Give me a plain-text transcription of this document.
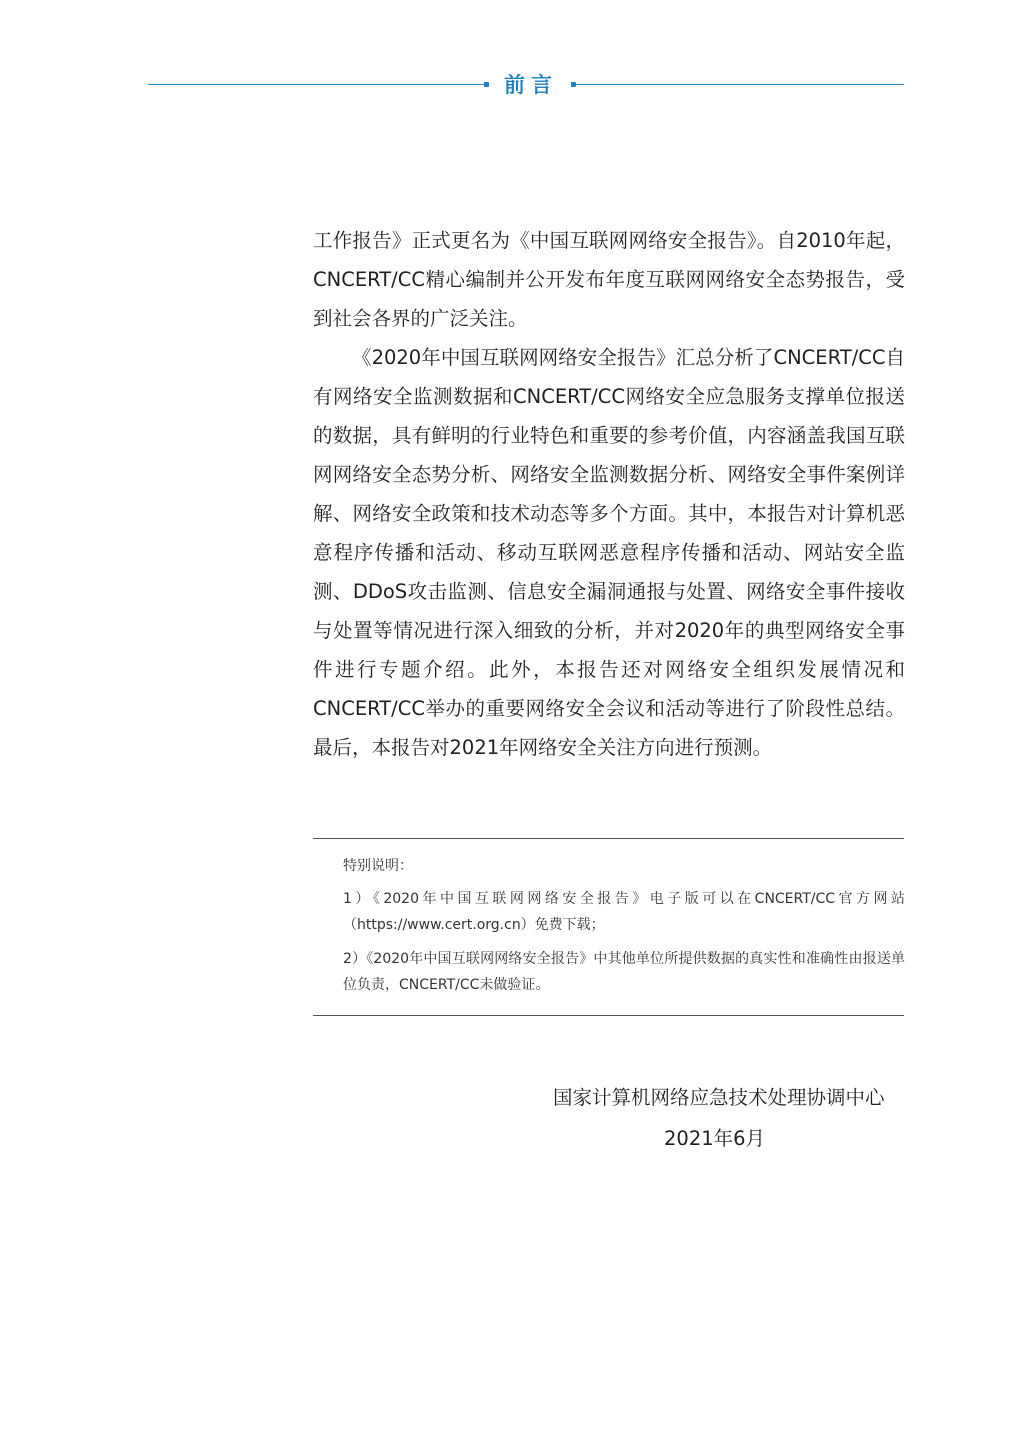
前言

工作报告》正式更名为《中国互联网网络安全报告》。自2010年起，CNCERT/CC精心编制并公开发布年度互联网网络安全态势报告，受到社会各界的广泛关注。

《2020年中国互联网网络安全报告》汇总分析了CNCERT/CC自有网络安全监测数据和CNCERT/CC网络安全应急服务支撑单位报送的数据，具有鲜明的行业特色和重要的参考价值，内容涵盖我国互联网网络安全态势分析、网络安全监测数据分析、网络安全事件案例详解、网络安全政策和技术动态等多个方面。其中，本报告对计算机恶意程序传播和活动、移动互联网恶意程序传播和活动、网站安全监测、DDoS攻击监测、信息安全漏洞通报与处置、网络安全事件接收与处置等情况进行深入细致的分析，并对2020年的典型网络安全事件进行专题介绍。此外，本报告还对网络安全组织发展情况和CNCERT/CC举办的重要网络安全会议和活动等进行了阶段性总结。最后，本报告对2021年网络安全关注方向进行预测。

特别说明：

1）《2020年中国互联网网络安全报告》电子版可以在CNCERT/CC官方网站（https://www.cert.org.cn）免费下载；

2）《2020年中国互联网网络安全报告》中其他单位所提供数据的真实性和准确性由报送单位负责，CNCERT/CC未做验证。

国家计算机网络应急技术处理协调中心
2021年6月
